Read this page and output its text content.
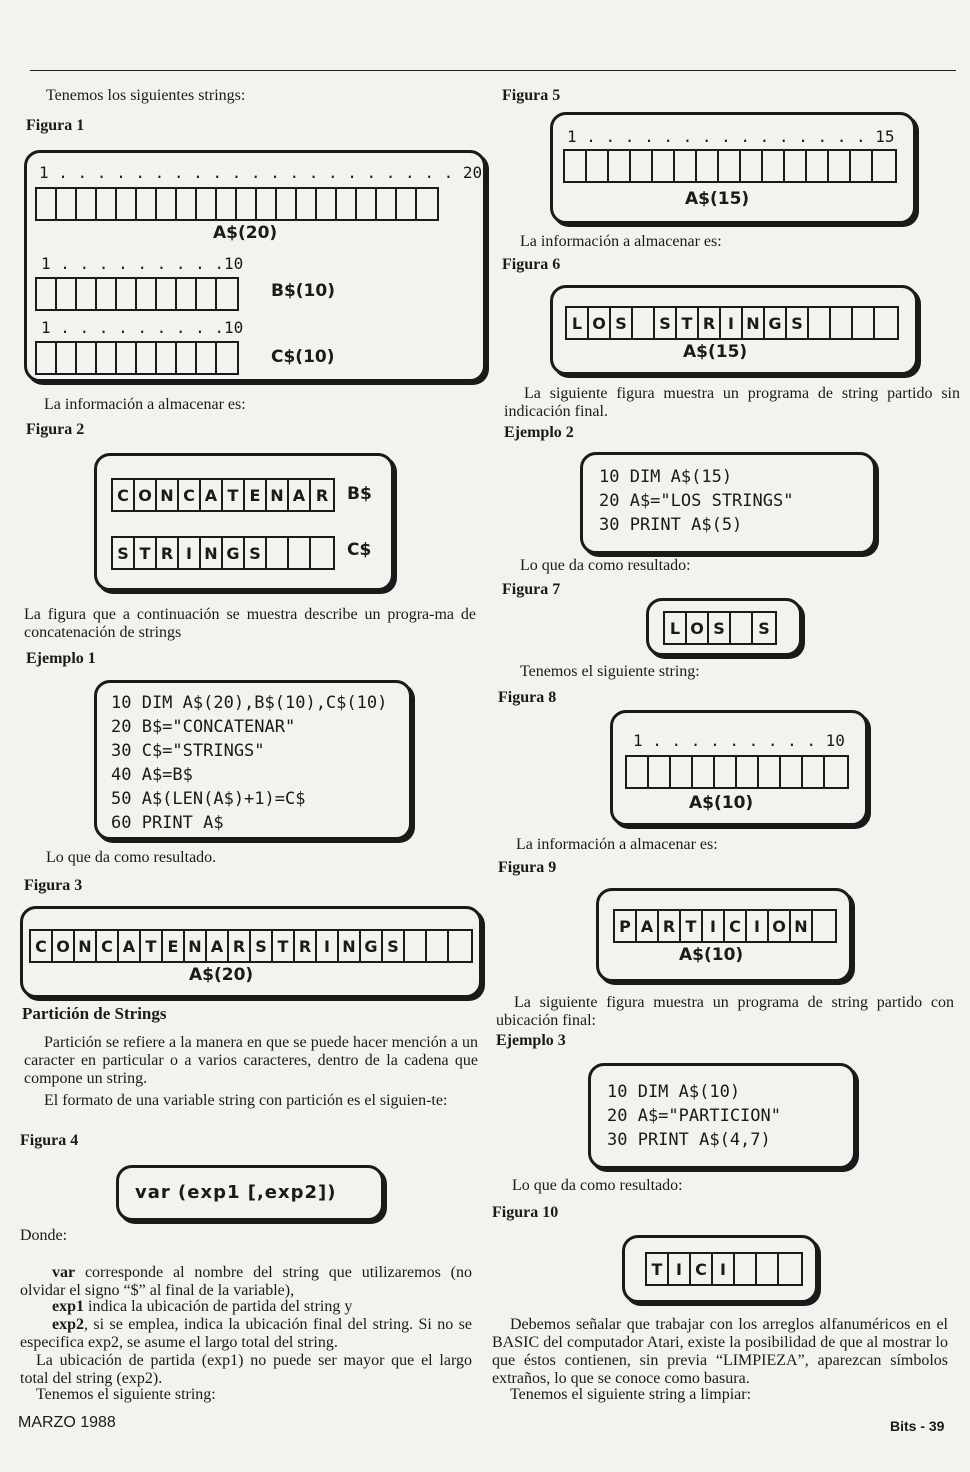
Tenemos los siguientes strings:
Figura 1
1 . . . . . . . . . . . . . . . . . . . . . 20
A$(20)
1 . . . . . . . . .10
B$(10)
1 . . . . . . . . .10
C$(10)
La información a almacenar es:
Figura 2
C O N C A T E N A R B$
S T R I N G S	C$
La figura que a continuación se muestra describe un progra-ma de concatenación de strings
Ejemplo 1
10 DIM A$(20),B$(10),C$(10)
20 B$="CONCATENAR"
30 C$="STRINGS"
40 A$=B$
50 A$(LEN(A$)+1)=C$
60 PRINT A$
Lo que da como resultado.
Figura 3
C O N C A T E N A R S T R I N G S
A$(20)
Partición de Strings
Partición se refiere a la manera en que se puede hacer mención a un caracter en particular o a varios caracteres, dentro de la cadena que compone un string.
El formato de una variable string con partición es el siguien-te:
Figura 4
var (exp1 [,exp2])
Donde:
var corresponde al nombre del string que utilizaremos (no olvidar el signo “$” al final de la variable),
exp1 indica la ubicación de partida del string y
exp2, si se emplea, indica la ubicación final del string. Si no se especifica exp2, se asume el largo total del string.
La ubicación de partida (exp1) no puede ser mayor que el largo total del string (exp2).
Tenemos el siguiente string:
Figura 5
1 . . . . . . . . . . . . . . . 15
A$(15)
La información a almacenar es:
Figura 6
L O S	S T R I N G S
A$(15)
La siguiente figura muestra un programa de string partido sin indicación final.
Ejemplo 2
10 DIM A$(15)
20 A$="LOS STRINGS"
30 PRINT A$(5)
Lo que da como resultado:
Figura 7
L O S	S
Tenemos el siguiente string:
Figura 8
1 . . . . . . . . . 10
A$(10)
La información a almacenar es:
Figura 9
P A R T I C I O N
A$(10)
La siguiente figura muestra un programa de string partido con ubicación final:
Ejemplo 3
10 DIM A$(10)
20 A$="PARTICION"
30 PRINT A$(4,7)
Lo que da como resultado:
Figura 10
T I C I
Debemos señalar que trabajar con los arreglos alfanuméricos en el BASIC del computador Atari, existe la posibilidad de que al mostrar lo que éstos contienen, sin previa “LIMPIEZA”, aparezcan símbolos extraños, lo que se conoce como basura.
Tenemos el siguiente string a limpiar:
MARZO 1988	Bits - 39
